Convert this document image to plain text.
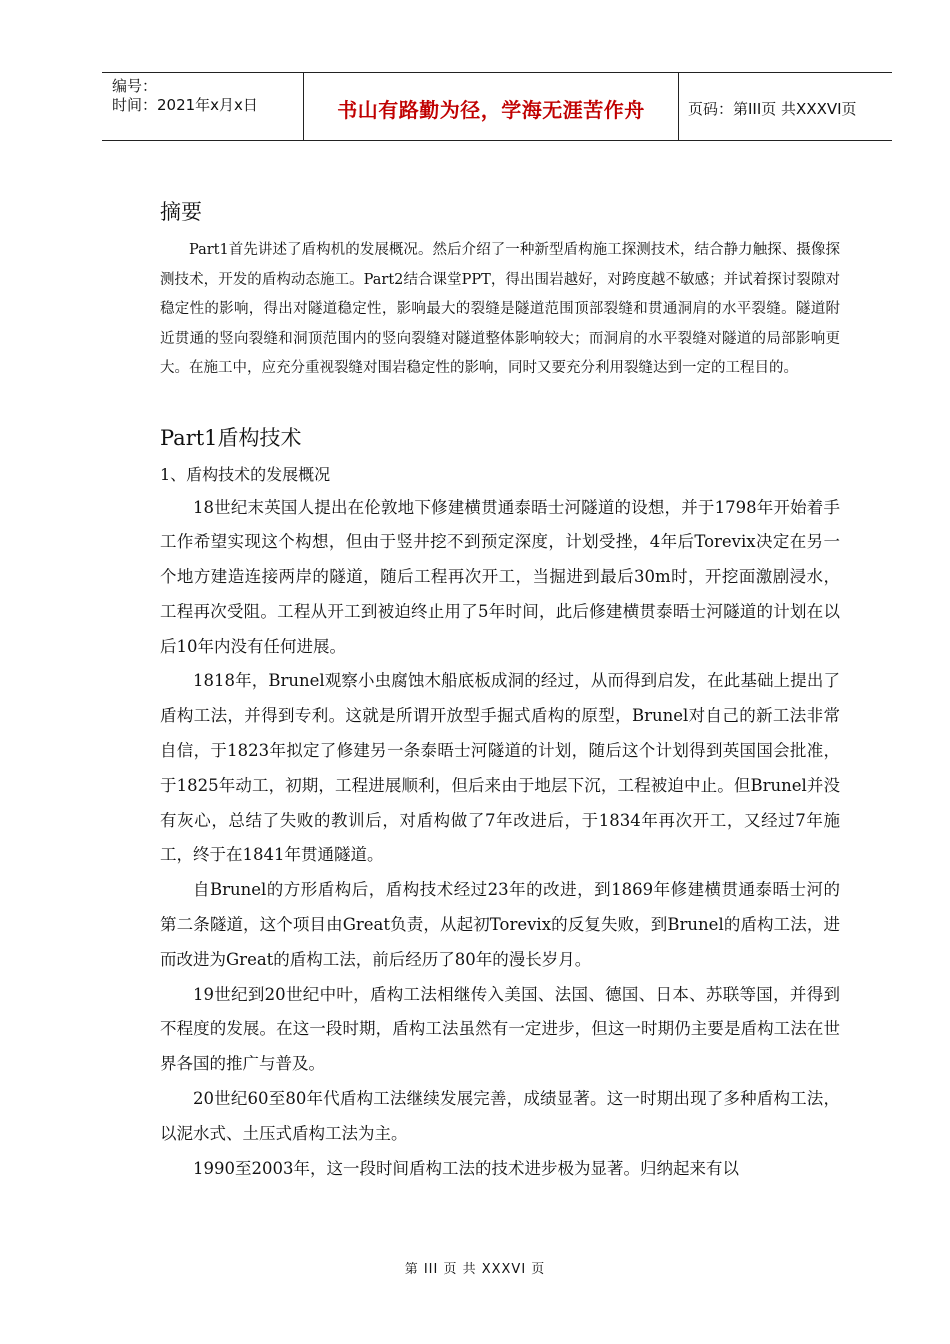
编号：
时间：2021年x月x日	书山有路勤为径，学海无涯苦作舟	页码：第III页 共XXXVI页
摘要

Part1首先讲述了盾构机的发展概况。然后介绍了一种新型盾构施工探测技术，结合静力触探、摄像探测技术，开发的盾构动态施工。Part2结合课堂PPT，得出围岩越好，对跨度越不敏感；并试着探讨裂隙对稳定性的影响，得出对隧道稳定性，影响最大的裂缝是隧道范围顶部裂缝和贯通洞肩的水平裂缝。隧道附近贯通的竖向裂缝和洞顶范围内的竖向裂缝对隧道整体影响较大；而洞肩的水平裂缝对隧道的局部影响更大。在施工中，应充分重视裂缝对围岩稳定性的影响，同时又要充分利用裂缝达到一定的工程目的。

Part1盾构技术
1、盾构技术的发展概况

18世纪末英国人提出在伦敦地下修建横贯通泰晤士河隧道的设想，并于1798年开始着手工作希望实现这个构想，但由于竖井挖不到预定深度，计划受挫，4年后Torevix决定在另一个地方建造连接两岸的隧道，随后工程再次开工，当掘进到最后30m时，开挖面激剧浸水，工程再次受阻。工程从开工到被迫终止用了5年时间，此后修建横贯泰晤士河隧道的计划在以后10年内没有任何进展。

1818年，Brunel观察小虫腐蚀木船底板成洞的经过，从而得到启发，在此基础上提出了盾构工法，并得到专利。这就是所谓开放型手掘式盾构的原型，Brunel对自己的新工法非常自信，于1823年拟定了修建另一条泰晤士河隧道的计划，随后这个计划得到英国国会批准，于1825年动工，初期，工程进展顺利，但后来由于地层下沉，工程被迫中止。但Brunel并没有灰心，总结了失败的教训后，对盾构做了7年改进后，于1834年再次开工，又经过7年施工，终于在1841年贯通隧道。

自Brunel的方形盾构后，盾构技术经过23年的改进，到1869年修建横贯通泰晤士河的第二条隧道，这个项目由Great负责，从起初Torevix的反复失败，到Brunel的盾构工法，进而改进为Great的盾构工法，前后经历了80年的漫长岁月。

19世纪到20世纪中叶，盾构工法相继传入美国、法国、德国、日本、苏联等国，并得到不程度的发展。在这一段时期，盾构工法虽然有一定进步，但这一时期仍主要是盾构工法在世界各国的推广与普及。

20世纪60至80年代盾构工法继续发展完善，成绩显著。这一时期出现了多种盾构工法，以泥水式、土压式盾构工法为主。

1990至2003年，这一段时间盾构工法的技术进步极为显著。归纳起来有以

第 III 页 共 XXXVI 页
